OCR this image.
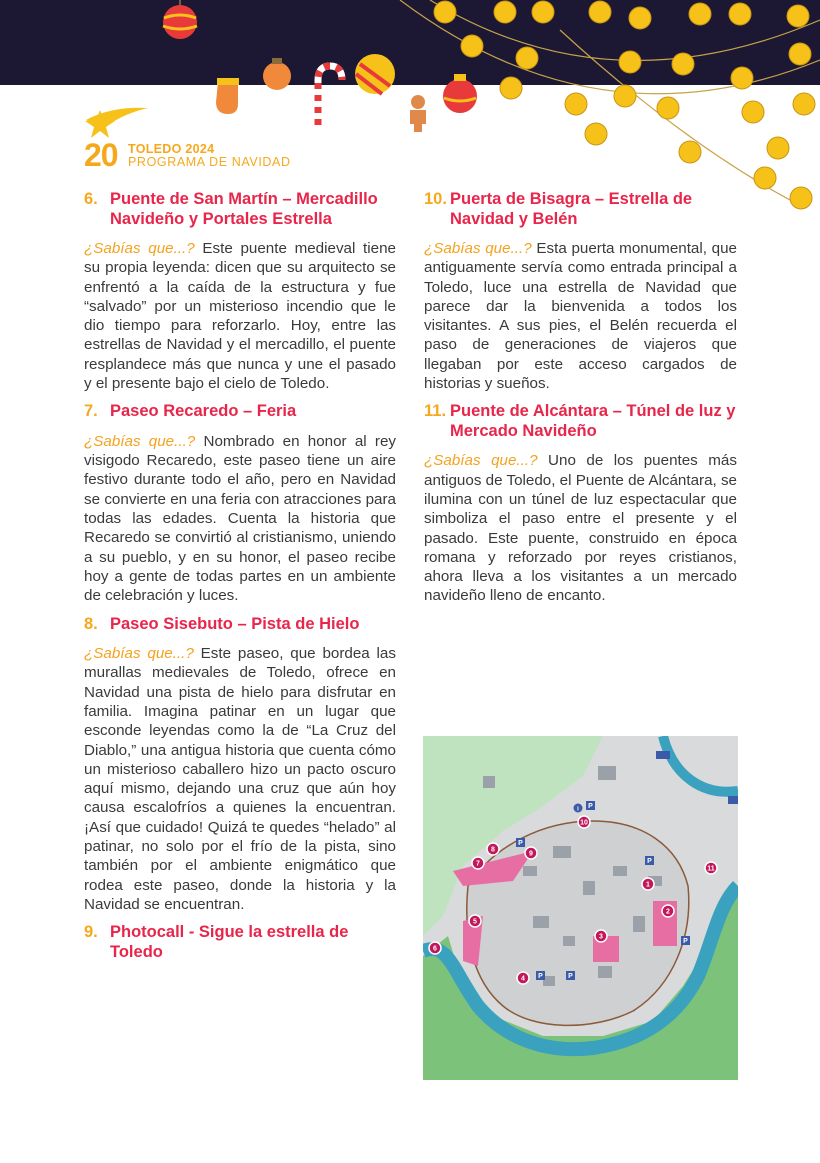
20 TOLEDO 2024
PROGRAMA DE NAVIDAD
6. Puente de San Martín – Mercadillo Navideño y Portales Estrella

¿Sabías que...? Este puente medieval tiene su propia leyenda: dicen que su arquitecto se enfrentó a la caída de la estructura y fue “salvado” por un misterioso incendio que le dio tiempo para reforzarlo. Hoy, entre las estrellas de Navidad y el mercadillo, el puente resplandece más que nunca y une el pasado y el presente bajo el cielo de Toledo.

7. Paseo Recaredo – Feria

¿Sabías que...? Nombrado en honor al rey visigodo Recaredo, este paseo tiene un aire festivo durante todo el año, pero en Navidad se convierte en una feria con atracciones para todas las edades. Cuenta la historia que Recaredo se convirtió al cristianismo, uniendo a su pueblo, y en su honor, el paseo recibe hoy a gente de todas partes en un ambiente de celebración y luces.

8. Paseo Sisebuto – Pista de Hielo

¿Sabías que...? Este paseo, que bordea las murallas medievales de Toledo, ofrece en Navidad una pista de hielo para disfrutar en familia. Imagina patinar en un lugar que esconde leyendas como la de “La Cruz del Diablo,” una antigua historia que cuenta cómo un misterioso caballero hizo un pacto oscuro aquí mismo, dejando una cruz que aún hoy causa escalofríos a quienes la encuentran. ¡Así que cuidado! Quizá te quedes “helado” al patinar, no solo por el frío de la pista, sino también por el ambiente enigmático que rodea este paseo, donde la historia y la Navidad se encuentran.

9. Photocall - Sigue la estrella de Toledo
10. Puerta de Bisagra – Estrella de Navidad y Belén

¿Sabías que...? Esta puerta monumental, que antiguamente servía como entrada principal a Toledo, luce una estrella de Navidad que parece dar la bienvenida a todos los visitantes. A sus pies, el Belén recuerda el paso de generaciones de viajeros que llegaban por este acceso cargados de historias y sueños.

11. Puente de Alcántara – Túnel de luz y Mercado Navideño

¿Sabías que...? Uno de los puentes más antiguos de Toledo, el Puente de Alcántara, se ilumina con un túnel de luz espectacular que simboliza el paso entre el presente y el pasado. Este puente, construido en época romana y reforzado por reyes cristianos, ahora lleva a los visitantes a un mercado navideño lleno de encanto.

1
2
3
4
5
6
7
8
9
10
11
P
P
P
P	P
P
i
